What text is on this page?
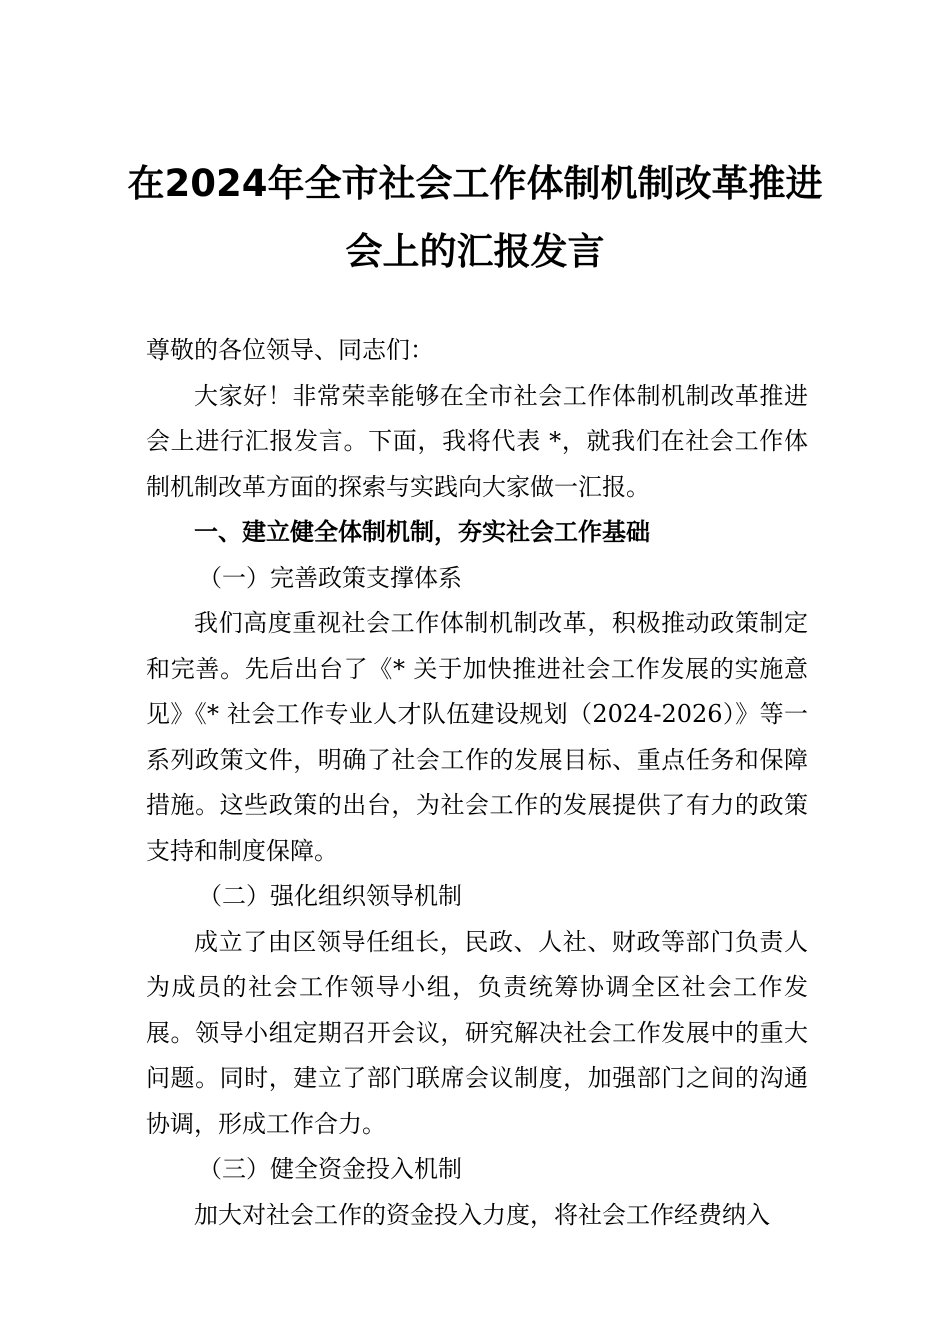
在2024年全市社会工作体制机制改革推进
会上的汇报发言

尊敬的各位领导、同志们：

大家好！非常荣幸能够在全市社会工作体制机制改革推进会上进行汇报发言。下面，我将代表 *，就我们在社会工作体制机制改革方面的探索与实践向大家做一汇报。

一、建立健全体制机制，夯实社会工作基础
（一）完善政策支撑体系

我们高度重视社会工作体制机制改革，积极推动政策制定和完善。先后出台了《* 关于加快推进社会工作发展的实施意见》《* 社会工作专业人才队伍建设规划（2024-2026）》等一系列政策文件，明确了社会工作的发展目标、重点任务和保障措施。这些政策的出台，为社会工作的发展提供了有力的政策支持和制度保障。

（二）强化组织领导机制

成立了由区领导任组长，民政、人社、财政等部门负责人为成员的社会工作领导小组，负责统筹协调全区社会工作发展。领导小组定期召开会议，研究解决社会工作发展中的重大问题。同时，建立了部门联席会议制度，加强部门之间的沟通协调，形成工作合力。

（三）健全资金投入机制

加大对社会工作的资金投入力度，将社会工作经费纳入
